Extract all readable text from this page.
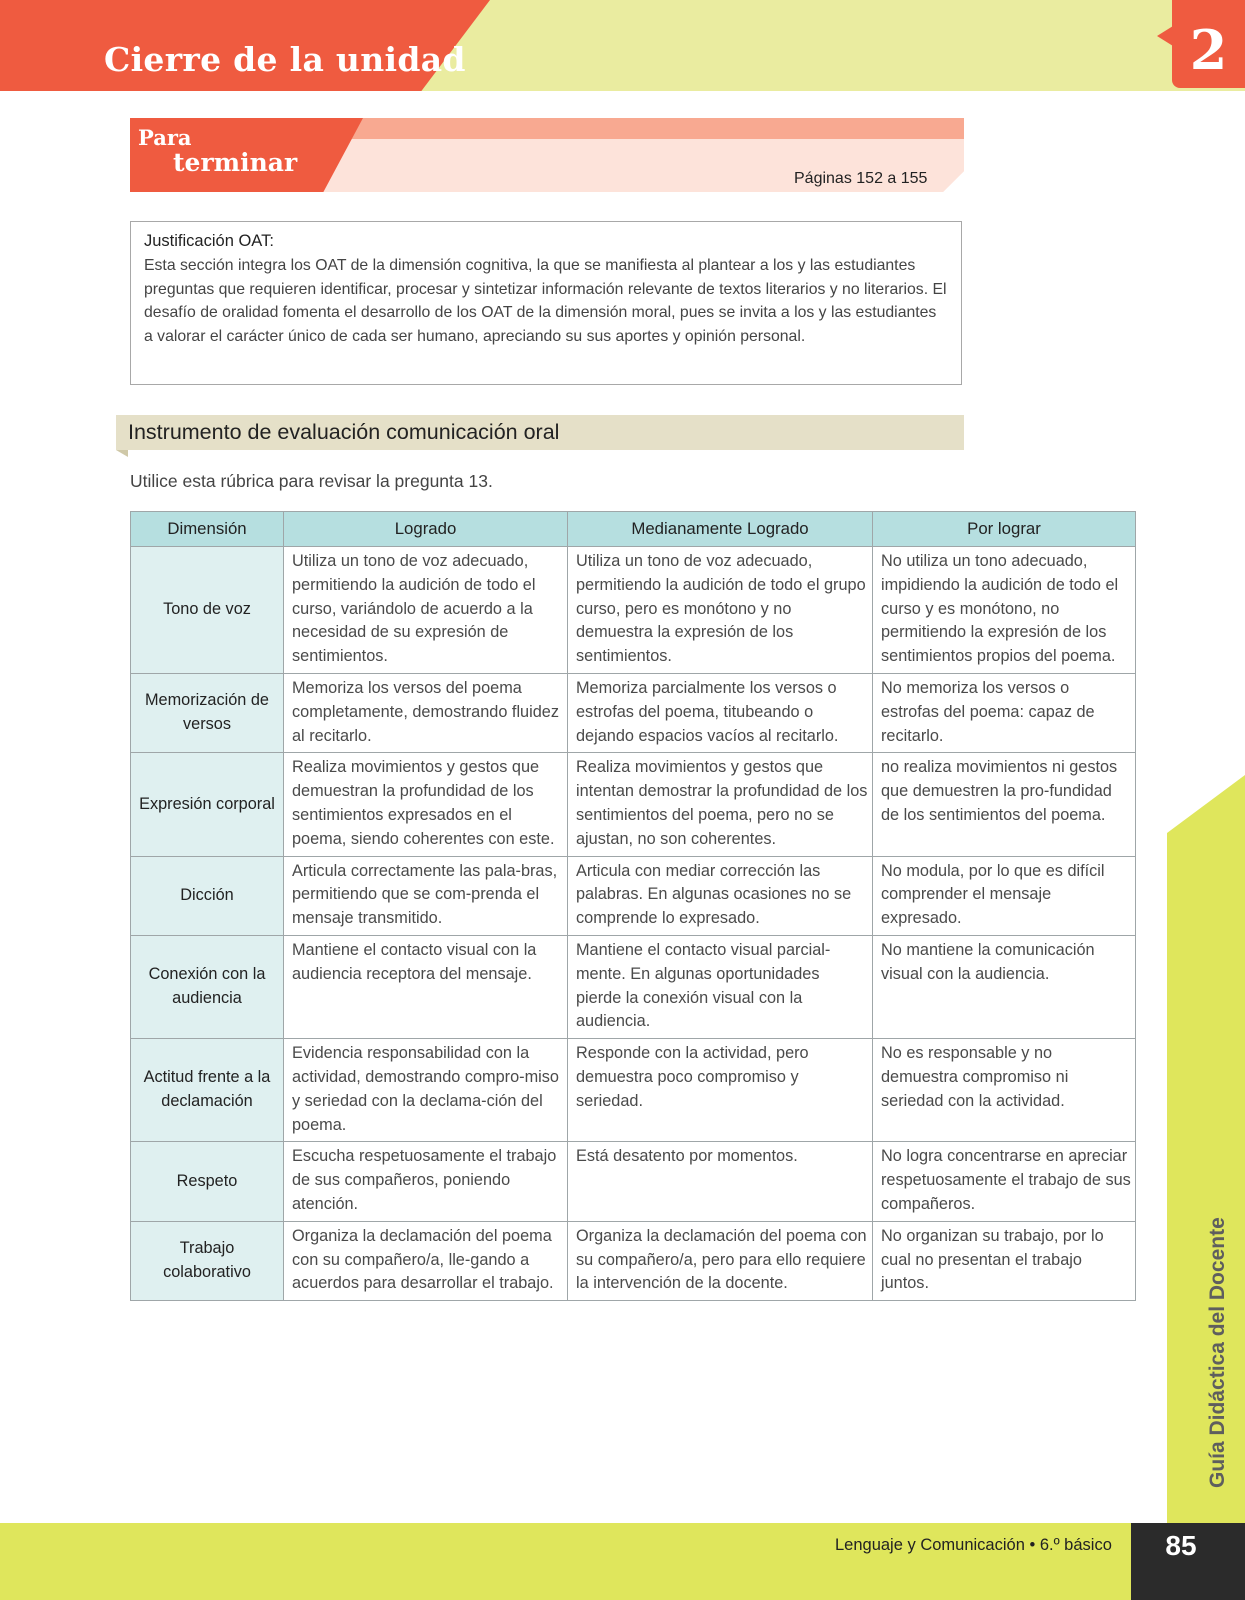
Cierre de la unidad	2
Para
terminar
Páginas 152 a 155
Justificación OAT:
Esta sección integra los OAT de la dimensión cognitiva, la que se manifiesta al plantear a los y las estudiantes preguntas que requieren identificar, procesar y sintetizar información relevante de textos literarios y no literarios. El desafío de oralidad fomenta el desarrollo de los OAT de la dimensión moral, pues se invita a los y las estudiantes a valorar el carácter único de cada ser humano, apreciando su sus aportes y opinión personal.
Instrumento de evaluación comunicación oral
Utilice esta rúbrica para revisar la pregunta 13.
Dimensión	Logrado	Medianamente Logrado	Por lograr
Tono de voz	Utiliza un tono de voz adecuado, permitiendo la audición de todo el curso, variándolo de acuerdo a la necesidad de su expresión de sentimientos.	Utiliza un tono de voz adecuado, permitiendo la audición de todo el grupo curso, pero es monótono y no demuestra la expresión de los sentimientos.	No utiliza un tono adecuado, impidiendo la audición de todo el curso y es monótono, no permitiendo la expresión de los sentimientos propios del poema.
Memorización de versos	Memoriza los versos del poema completamente, demostrando fluidez al recitarlo.	Memoriza parcialmente los versos o estrofas del poema, titubeando o dejando espacios vacíos al recitarlo.	No memoriza los versos o estrofas del poema: capaz de recitarlo.
Expresión corporal	Realiza movimientos y gestos que demuestran la profundidad de los sentimientos expresados en el poema, siendo coherentes con este.	Realiza movimientos y gestos que intentan demostrar la profundidad de los sentimientos del poema, pero no se ajustan, no son coherentes.	no realiza movimientos ni gestos que demuestren la pro-fundidad de los sentimientos del poema.
Dicción	Articula correctamente las pala-bras, permitiendo que se com-prenda el mensaje transmitido.	Articula con mediar corrección las palabras. En algunas ocasiones no se comprende lo expresado.	No modula, por lo que es difícil comprender el mensaje expresado.
Conexión con la audiencia	Mantiene el contacto visual con la audiencia receptora del mensaje.	Mantiene el contacto visual parcial-mente. En algunas oportunidades pierde la conexión visual con la audiencia.	No mantiene la comunicación visual con la audiencia.
Actitud frente a la declamación	Evidencia responsabilidad con la actividad, demostrando compro-miso y seriedad con la declama-ción del poema.	Responde con la actividad, pero demuestra poco compromiso y seriedad.	No es responsable y no demuestra compromiso ni seriedad con la actividad.
Respeto	Escucha respetuosamente el trabajo de sus compañeros, poniendo atención.	Está desatento por momentos.	No logra concentrarse en apreciar respetuosamente el trabajo de sus compañeros.
Trabajo colaborativo	Organiza la declamación del poema con su compañero/a, lle-gando a acuerdos para desarrollar el trabajo.	Organiza la declamación del poema con su compañero/a, pero para ello requiere la intervención de la docente.	No organizan su trabajo, por lo cual no presentan el trabajo juntos.	Guía Didáctica del Docente
Lenguaje y Comunicación • 6.º básico	85
